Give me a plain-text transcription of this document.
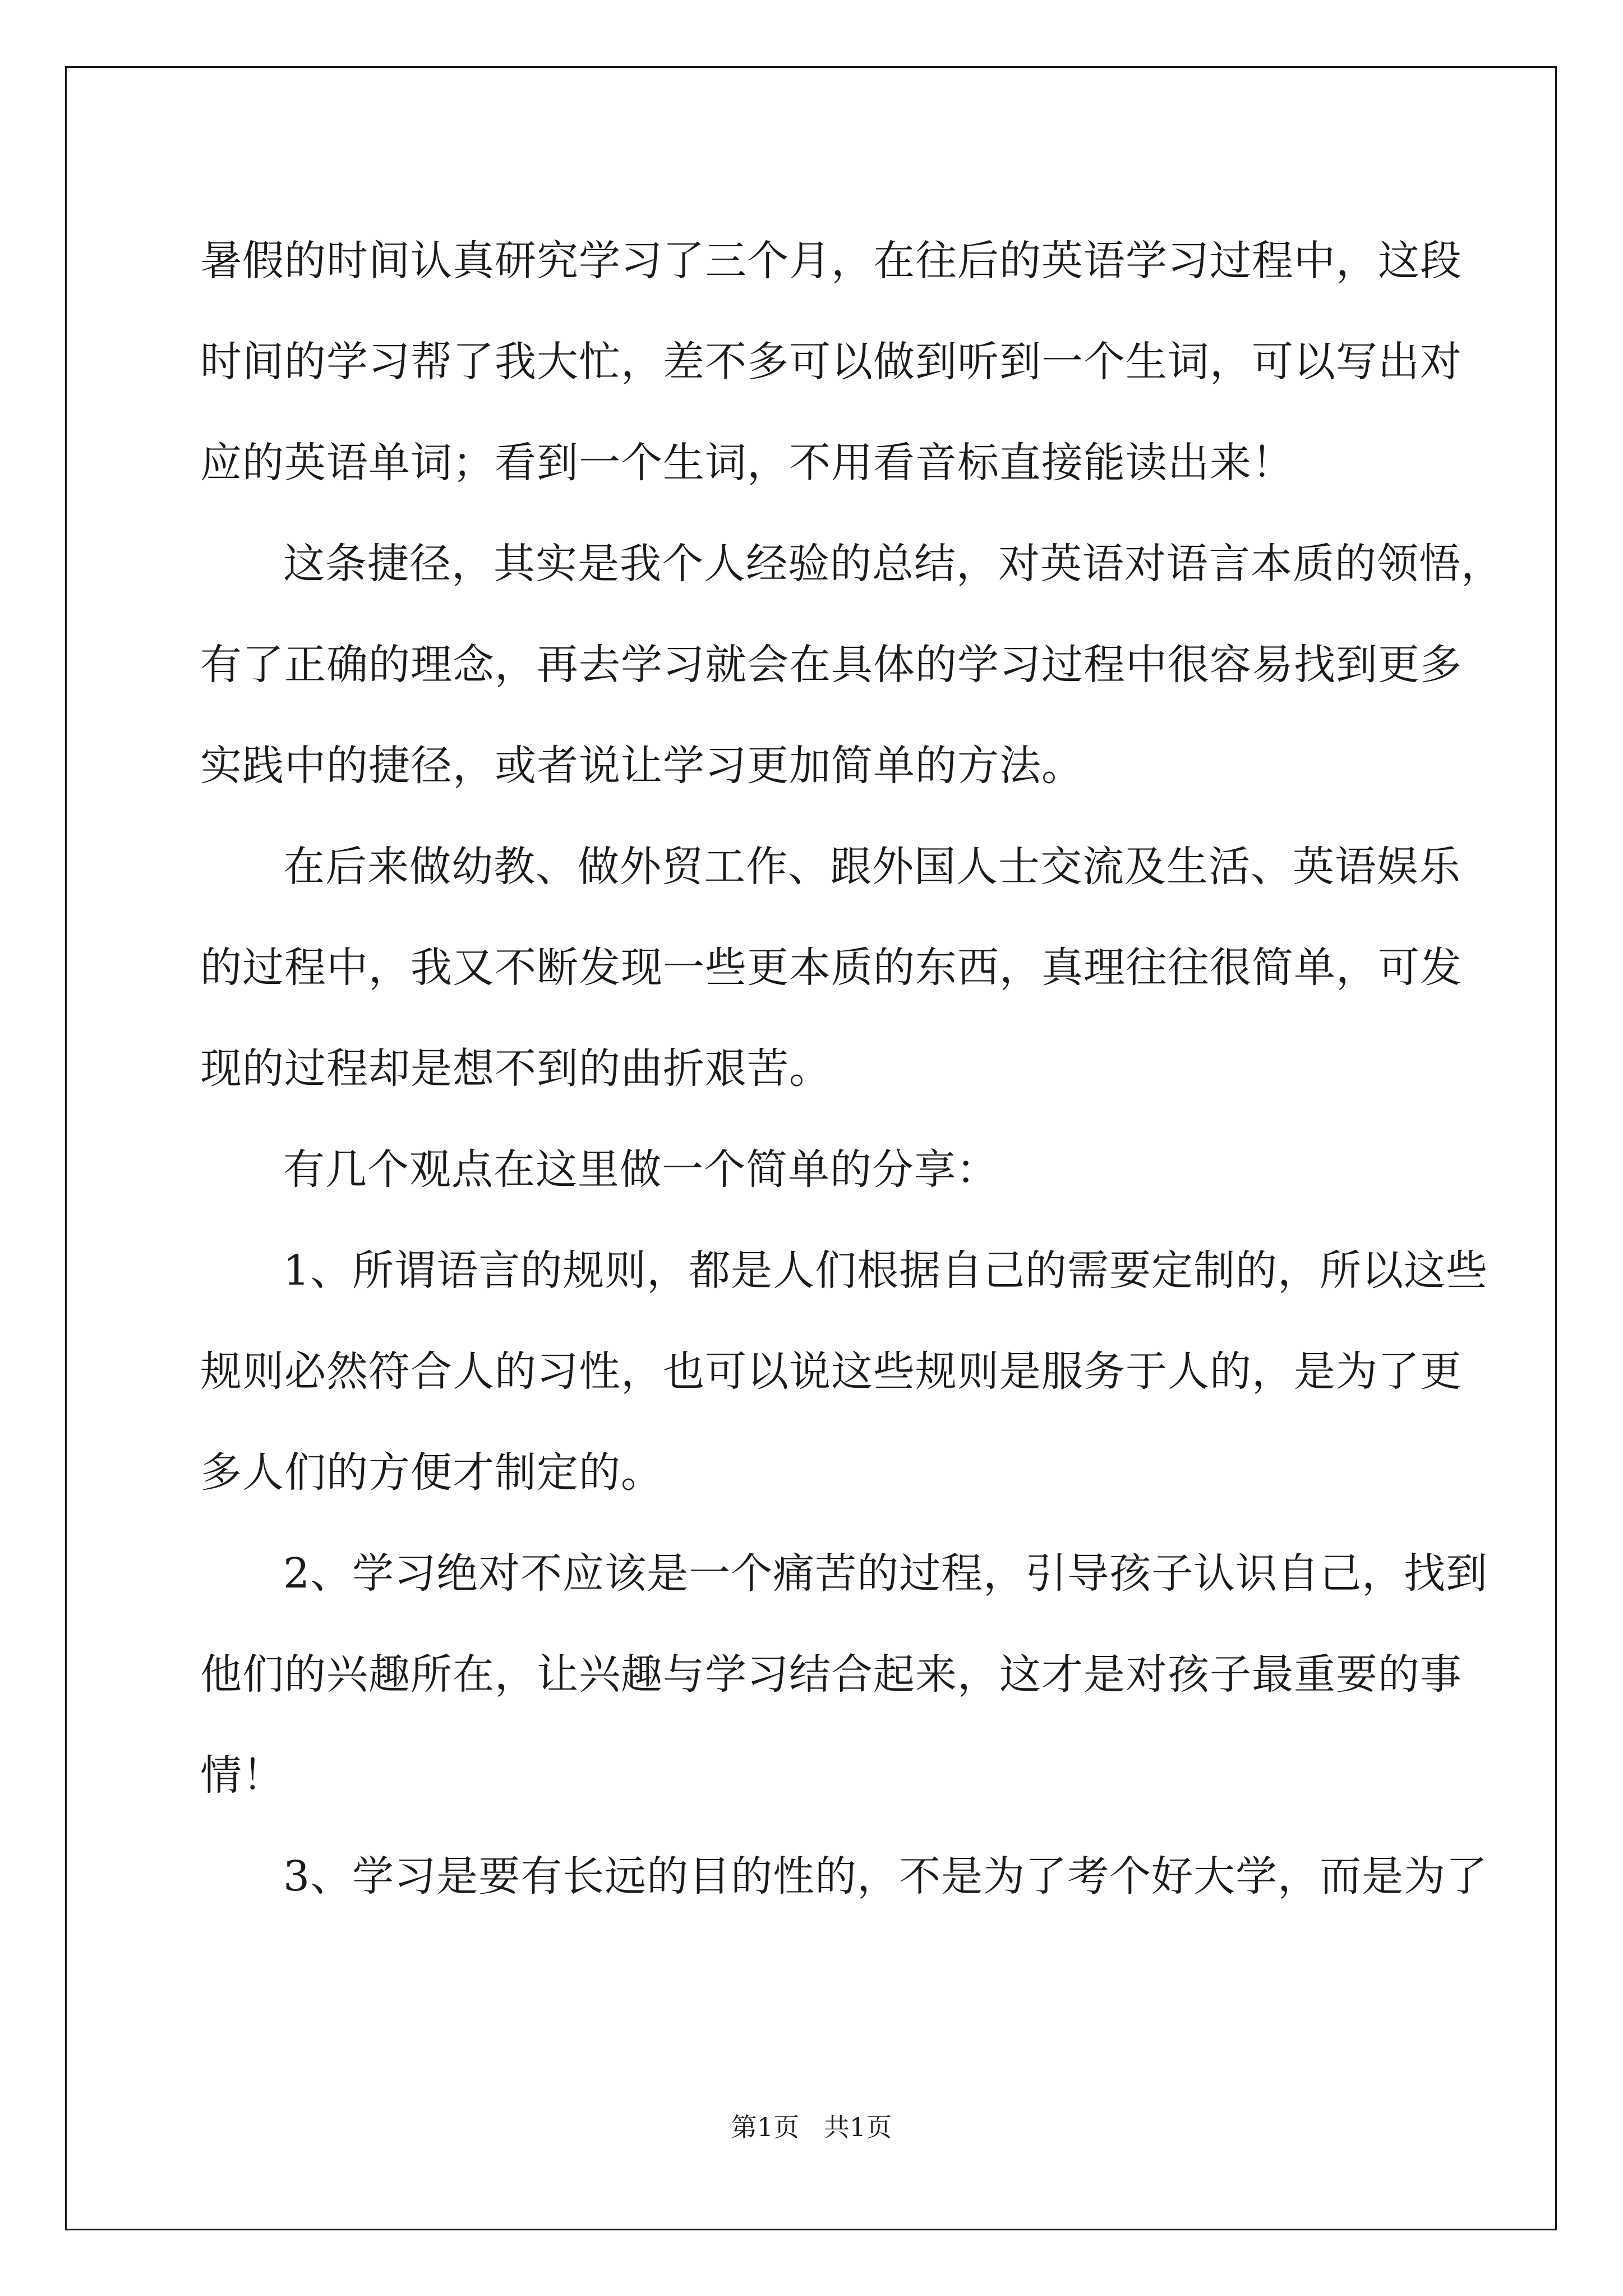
暑假的时间认真研究学习了三个月，在往后的英语学习过程中，这段
时间的学习帮了我大忙，差不多可以做到听到一个生词，可以写出对
应的英语单词；看到一个生词，不用看音标直接能读出来！
这条捷径，其实是我个人经验的总结，对英语对语言本质的领悟，
有了正确的理念，再去学习就会在具体的学习过程中很容易找到更多
实践中的捷径，或者说让学习更加简单的方法。
在后来做幼教、做外贸工作、跟外国人士交流及生活、英语娱乐
的过程中，我又不断发现一些更本质的东西，真理往往很简单，可发
现的过程却是想不到的曲折艰苦。
有几个观点在这里做一个简单的分享：
1、所谓语言的规则，都是人们根据自己的需要定制的，所以这些
规则必然符合人的习性，也可以说这些规则是服务于人的，是为了更
多人们的方便才制定的。
2、学习绝对不应该是一个痛苦的过程，引导孩子认识自己，找到
他们的兴趣所在，让兴趣与学习结合起来，这才是对孩子最重要的事
情！
3、学习是要有长远的目的性的，不是为了考个好大学，而是为了
第1页   共1页
